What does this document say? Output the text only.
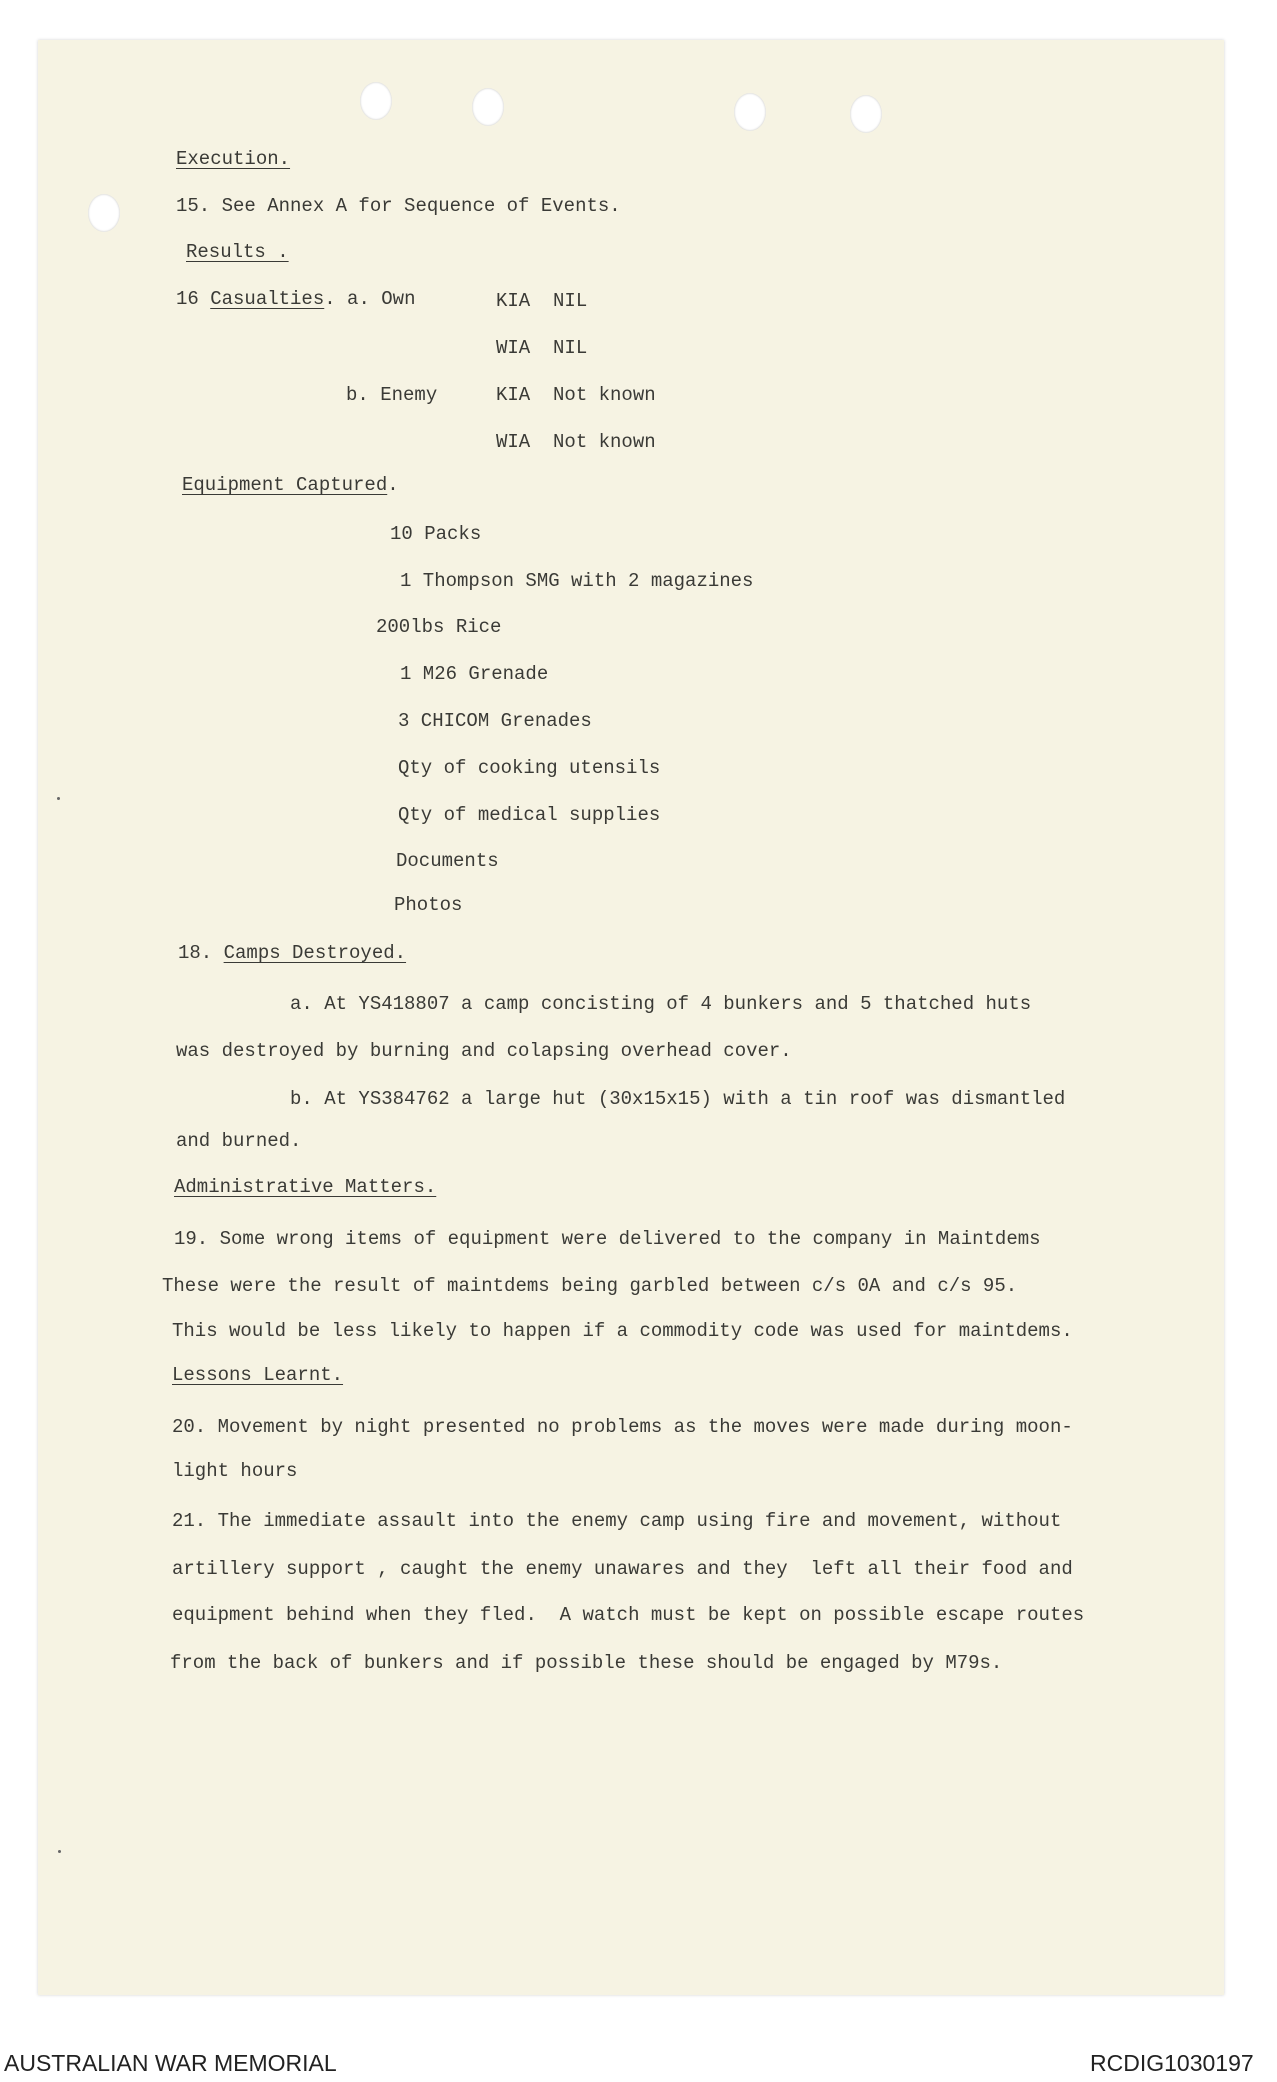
Execution.
15. See Annex A for Sequence of Events.
Results .
16 Casualties. a. Own	KIA  NIL
WIA  NIL
b. Enemy	KIA  Not known
WIA  Not known
Equipment Captured.
10 Packs
1 Thompson SMG with 2 magazines
200lbs Rice
1 M26 Grenade
3 CHICOM Grenades
Qty of cooking utensils
Qty of medical supplies
Documents
Photos
18. Camps Destroyed.
a. At YS418807 a camp concisting of 4 bunkers and 5 thatched huts
was destroyed by burning and colapsing overhead cover.
b. At YS384762 a large hut (30x15x15) with a tin roof was dismantled
and burned.
Administrative Matters.
19. Some wrong items of equipment were delivered to the company in Maintdems
These were the result of maintdems being garbled between c/s 0A and c/s 95.
This would be less likely to happen if a commodity code was used for maintdems.
Lessons Learnt.
20. Movement by night presented no problems as the moves were made during moon-
light hours
21. The immediate assault into the enemy camp using fire and movement, without
artillery support , caught the enemy unawares and they  left all their food and
equipment behind when they fled.  A watch must be kept on possible escape routes
from the back of bunkers and if possible these should be engaged by M79s.
AUSTRALIAN WAR MEMORIAL	RCDIG1030197
